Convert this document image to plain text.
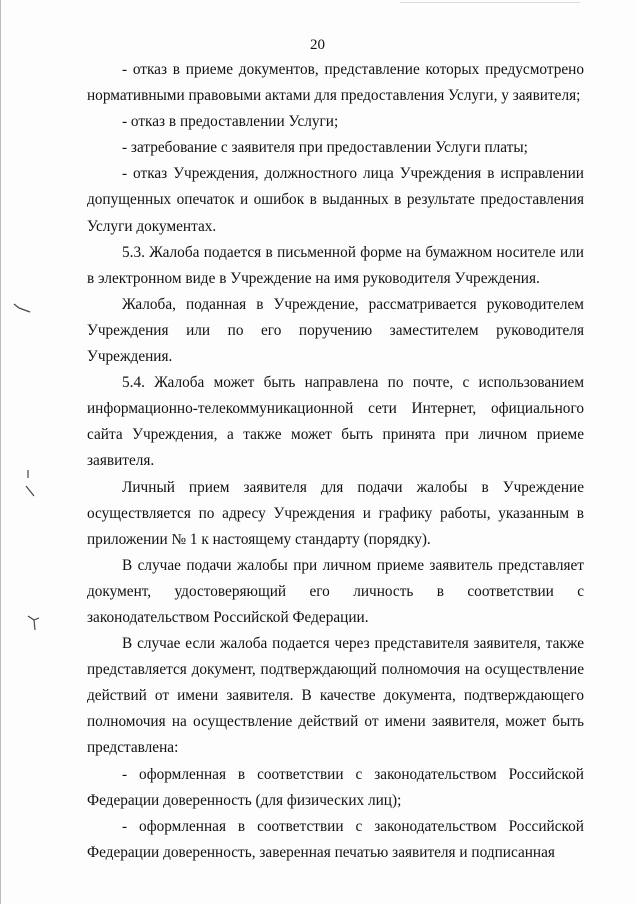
20

- отказ в приеме документов, представление которых предусмотрено нормативными правовыми актами для предоставления Услуги, у заявителя;

- отказ в предоставлении Услуги;

- затребование с заявителя при предоставлении Услуги платы;

- отказ Учреждения, должностного лица Учреждения в исправлении допущенных опечаток и ошибок в выданных в результате предоставления Услуги документах.

5.3. Жалоба подается в письменной форме на бумажном носителе или в электронном виде в Учреждение на имя руководителя Учреждения.

Жалоба, поданная в Учреждение, рассматривается руководителем Учреждения или по его поручению заместителем руководителя Учреждения.

5.4. Жалоба может быть направлена по почте, с использованием информационно-телекоммуникационной сети Интернет, официального сайта Учреждения, а также может быть принята при личном приеме заявителя.

Личный прием заявителя для подачи жалобы в Учреждение осуществляется по адресу Учреждения и графику работы, указанным в приложении № 1 к настоящему стандарту (порядку).

В случае подачи жалобы при личном приеме заявитель представляет документ, удостоверяющий его личность в соответствии с законодательством Российской Федерации.

В случае если жалоба подается через представителя заявителя, также представляется документ, подтверждающий полномочия на осуществление действий от имени заявителя. В качестве документа, подтверждающего полномочия на осуществление действий от имени заявителя, может быть представлена:

- оформленная в соответствии с законодательством Российской Федерации доверенность (для физических лиц);

- оформленная в соответствии с законодательством Российской Федерации доверенность, заверенная печатью заявителя и подписанная
